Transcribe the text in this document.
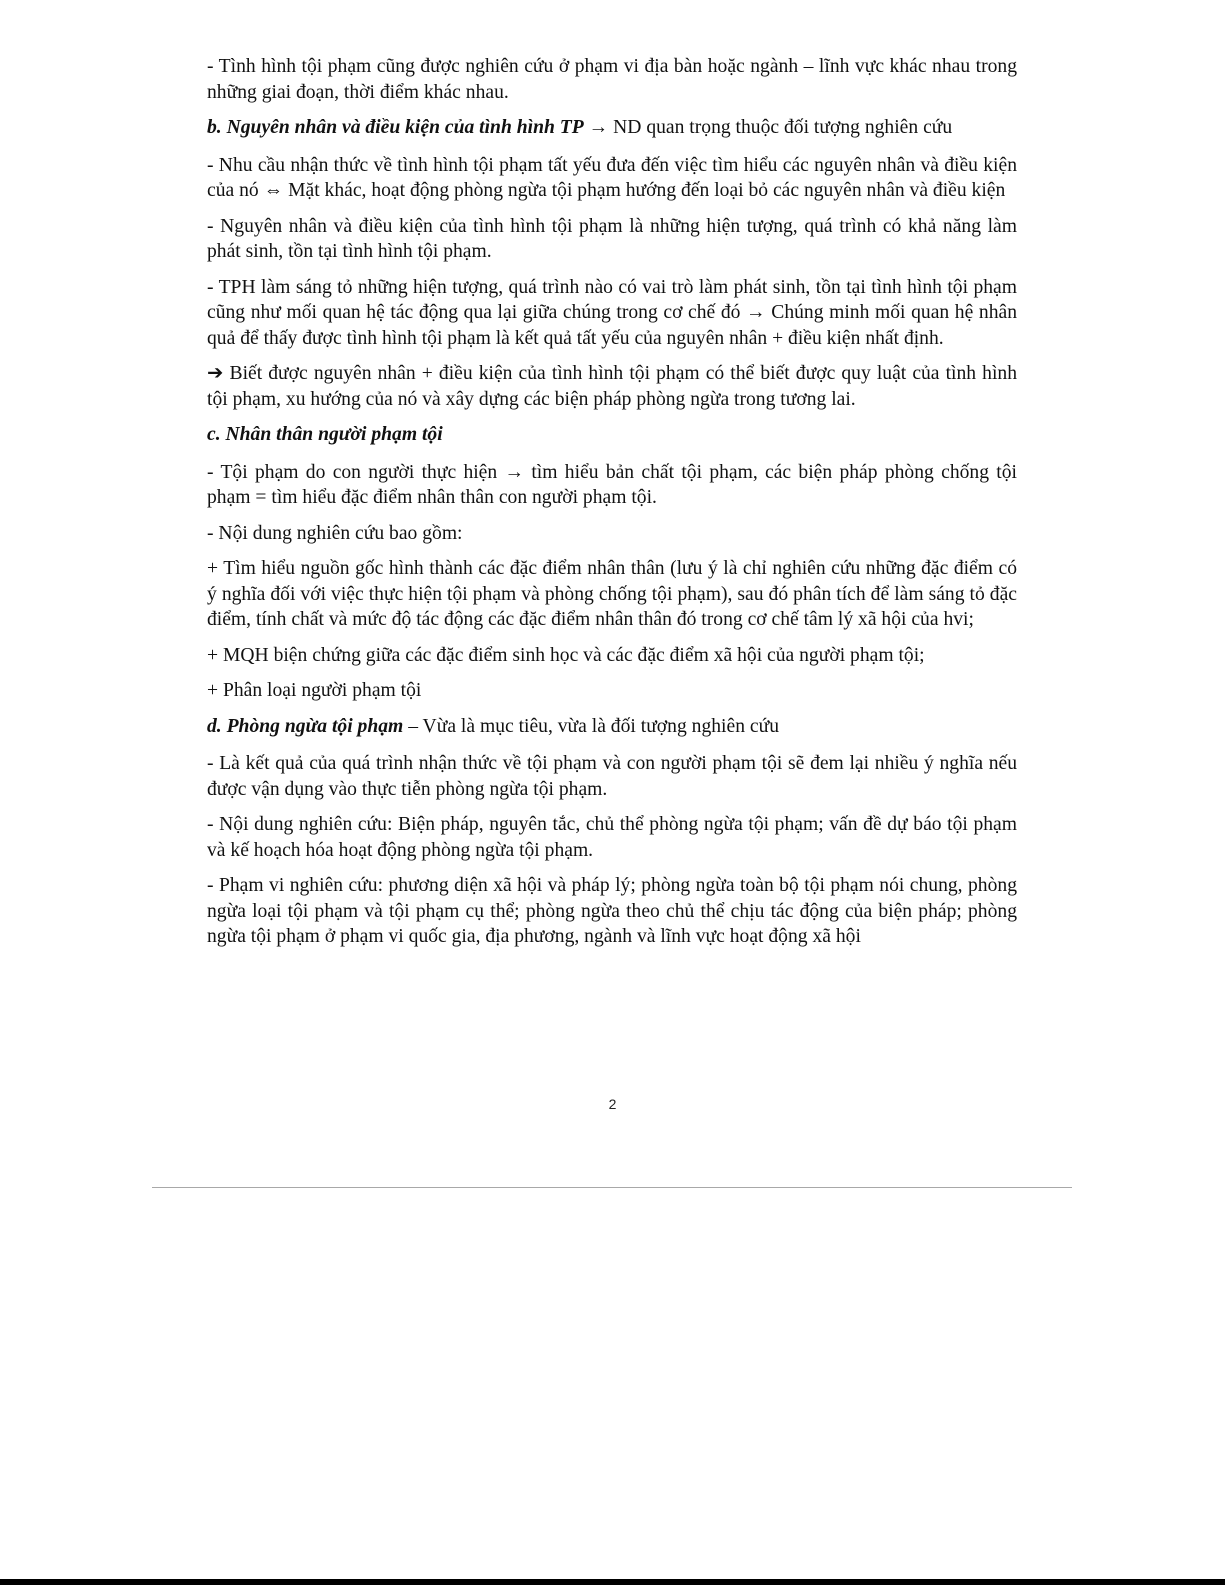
- Tình hình tội phạm cũng được nghiên cứu ở phạm vi địa bàn hoặc ngành – lĩnh vực khác nhau trong những giai đoạn, thời điểm khác nhau.

b. Nguyên nhân và điều kiện của tình hình TP → ND quan trọng thuộc đối tượng nghiên cứu

- Nhu cầu nhận thức về tình hình tội phạm tất yếu đưa đến việc tìm hiểu các nguyên nhân và điều kiện của nó ⇔ Mặt khác, hoạt động phòng ngừa tội phạm hướng đến loại bỏ các nguyên nhân và điều kiện

- Nguyên nhân và điều kiện của tình hình tội phạm là những hiện tượng, quá trình có khả năng làm phát sinh, tồn tại tình hình tội phạm.

- TPH làm sáng tỏ những hiện tượng, quá trình nào có vai trò làm phát sinh, tồn tại tình hình tội phạm cũng như mối quan hệ tác động qua lại giữa chúng trong cơ chế đó → Chúng minh mối quan hệ nhân quả để thấy được tình hình tội phạm là kết quả tất yếu của nguyên nhân + điều kiện nhất định.

➔ Biết được nguyên nhân + điều kiện của tình hình tội phạm có thể biết được quy luật của tình hình tội phạm, xu hướng của nó và xây dựng các biện pháp phòng ngừa trong tương lai.

c. Nhân thân người phạm tội

- Tội phạm do con người thực hiện → tìm hiểu bản chất tội phạm, các biện pháp phòng chống tội phạm = tìm hiểu đặc điểm nhân thân con người phạm tội.

- Nội dung nghiên cứu bao gồm:

+ Tìm hiểu nguồn gốc hình thành các đặc điểm nhân thân (lưu ý là chỉ nghiên cứu những đặc điểm có ý nghĩa đối với việc thực hiện tội phạm và phòng chống tội phạm), sau đó phân tích để làm sáng tỏ đặc điểm, tính chất và mức độ tác động các đặc điểm nhân thân đó trong cơ chế tâm lý xã hội của hvi;

+ MQH biện chứng giữa các đặc điểm sinh học và các đặc điểm xã hội của người phạm tội;

+ Phân loại người phạm tội

d. Phòng ngừa tội phạm – Vừa là mục tiêu, vừa là đối tượng nghiên cứu

- Là kết quả của quá trình nhận thức về tội phạm và con người phạm tội sẽ đem lại nhiều ý nghĩa nếu được vận dụng vào thực tiễn phòng ngừa tội phạm.

- Nội dung nghiên cứu: Biện pháp, nguyên tắc, chủ thể phòng ngừa tội phạm; vấn đề dự báo tội phạm và kế hoạch hóa hoạt động phòng ngừa tội phạm.

- Phạm vi nghiên cứu: phương diện xã hội và pháp lý; phòng ngừa toàn bộ tội phạm nói chung, phòng ngừa loại tội phạm và tội phạm cụ thể; phòng ngừa theo chủ thể chịu tác động của biện pháp; phòng ngừa tội phạm ở phạm vi quốc gia, địa phương, ngành và lĩnh vực hoạt động xã hội

2
